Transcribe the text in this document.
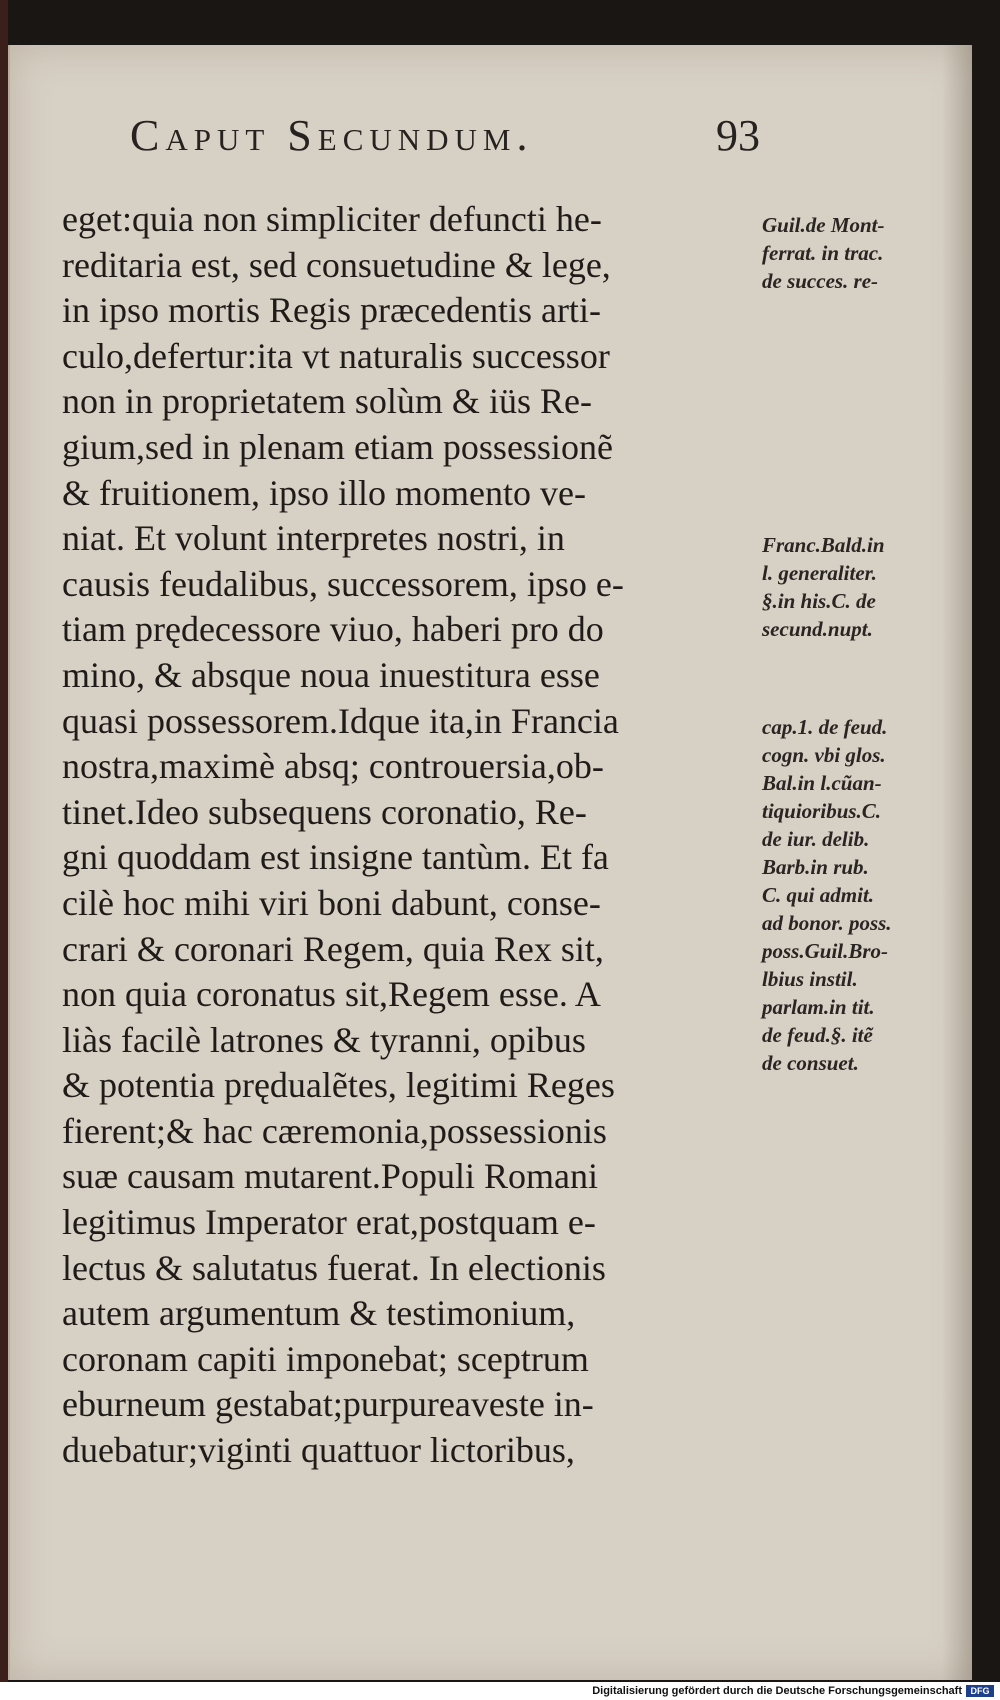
Caput Secundum.	93
eget:quia non simpliciter defuncti he-
reditaria est, sed consuetudine & lege,
in ipso mortis Regis præcedentis arti-
culo,defertur:ita vt naturalis successor
non in proprietatem solùm & iüs Re-
gium,sed in plenam etiam possessionẽ
& fruitionem, ipso illo momento ve-
niat. Et volunt interpretes nostri, in
causis feudalibus, successorem, ipso e-
tiam prędecessore viuo, haberi pro do
mino, & absque noua inuestitura esse
quasi possessorem.Idque ita,in Francia
nostra,maximè absq; controuersia,ob-
tinet.Ideo subsequens coronatio, Re-
gni quoddam est insigne tantùm. Et fa
cilè hoc mihi viri boni dabunt, conse-
crari & coronari Regem, quia Rex sit,
non quia coronatus sit,Regem esse. A
liàs facilè latrones & tyranni, opibus
& potentia prędualẽtes, legitimi Reges
fierent;& hac cæremonia,possessionis
suæ causam mutarent.Populi Romani
legitimus Imperator erat,postquam e-
lectus & salutatus fuerat. In electionis
autem argumentum & testimonium,
coronam capiti imponebat; sceptrum
eburneum gestabat;purpureaveste in-
duebatur;viginti quattuor lictoribus,
Guil.de Mont-
ferrat. in trac.
de succes. re-
Franc.Bald.in
l. generaliter.
§.in his.C. de
secund.nupt.
cap.1. de feud.
cogn. vbi glos.
Bal.in l.cũan-
tiquioribus.C.
de iur. delib.
Barb.in rub.
C. qui admit.
ad bonor. poss.
poss.Guil.Bro-
lbius instil.
parlam.in tit.
de feud.§. itẽ
de consuet.
Digitalisierung gefördert durch die Deutsche Forschungsgemeinschaft DFG
